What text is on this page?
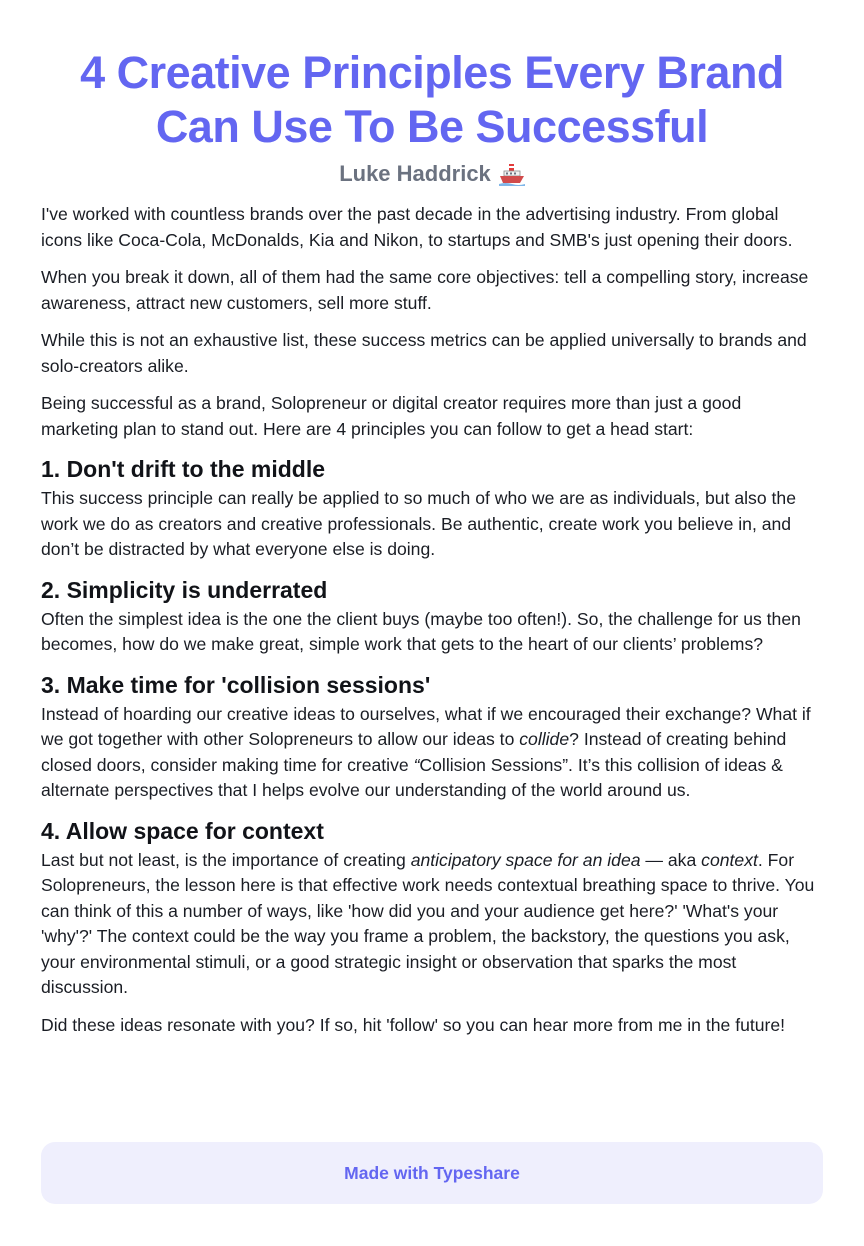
4 Creative Principles Every Brand
Can Use To Be Successful
Luke Haddrick

I've worked with countless brands over the past decade in the advertising industry. From global icons like Coca-Cola, McDonalds, Kia and Nikon, to startups and SMB's just opening their doors.

When you break it down, all of them had the same core objectives: tell a compelling story, increase awareness, attract new customers, sell more stuff.

While this is not an exhaustive list, these success metrics can be applied universally to brands and solo-creators alike.

Being successful as a brand, Solopreneur or digital creator requires more than just a good marketing plan to stand out. Here are 4 principles you can follow to get a head start:

1. Don't drift to the middle

This success principle can really be applied to so much of who we are as individuals, but also the work we do as creators and creative professionals. Be authentic, create work you believe in, and don’t be distracted by what everyone else is doing.

2. Simplicity is underrated

Often the simplest idea is the one the client buys (maybe too often!). So, the challenge for us then becomes, how do we make great, simple work that gets to the heart of our clients’ problems?

3. Make time for 'collision sessions'

Instead of hoarding our creative ideas to ourselves, what if we encouraged their exchange? What if we got together with other Solopreneurs to allow our ideas to collide? Instead of creating behind closed doors, consider making time for creative “Collision Sessions”. It’s this collision of ideas & alternate perspectives that I helps evolve our understanding of the world around us.

4. Allow space for context

Last but not least, is the importance of creating anticipatory space for an idea — aka context. For Solopreneurs, the lesson here is that effective work needs contextual breathing space to thrive. You can think of this a number of ways, like 'how did you and your audience get here?' 'What's your 'why'?' The context could be the way you frame a problem, the backstory, the questions you ask, your environmental stimuli, or a good strategic insight or observation that sparks the most discussion.

Did these ideas resonate with you? If so, hit 'follow' so you can hear more from me in the future!

Made with Typeshare
